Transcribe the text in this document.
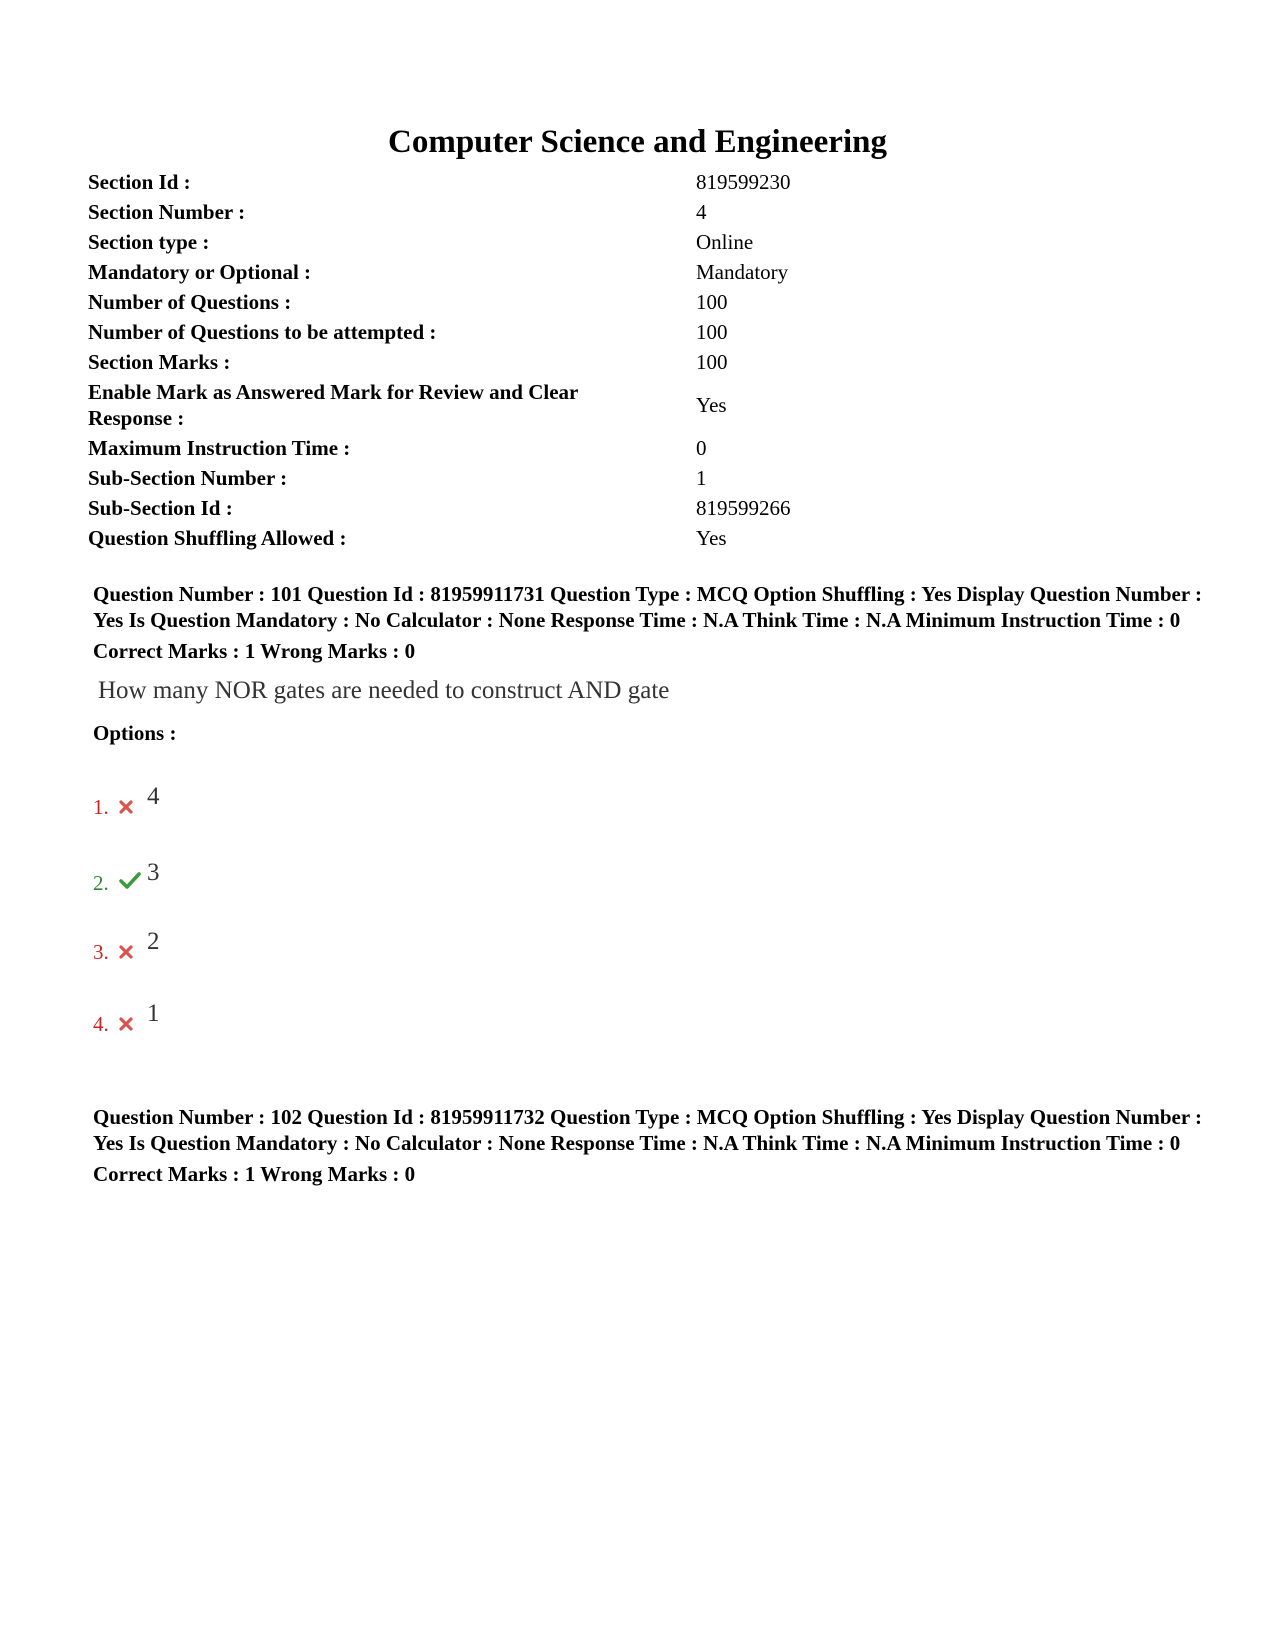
Computer Science and Engineering
Section Id :	819599230
Section Number :	4
Section type :	Online
Mandatory or Optional :	Mandatory
Number of Questions :	100
Number of Questions to be attempted :	100
Section Marks :	100
Enable Mark as Answered Mark for Review and Clear Response :
Yes
Maximum Instruction Time :	0
Sub-Section Number :	1
Sub-Section Id :	819599266
Question Shuffling Allowed :	Yes
Question Number : 101 Question Id : 81959911731 Question Type : MCQ Option Shuffling : Yes Display Question Number : Yes Is Question Mandatory : No Calculator : None Response Time : N.A Think Time : N.A Minimum Instruction Time : 0
Correct Marks : 1 Wrong Marks : 0
How many NOR gates are needed to construct AND gate
Options :
1.	4
2.	3
3.	2
4.	1
Question Number : 102 Question Id : 81959911732 Question Type : MCQ Option Shuffling : Yes Display Question Number : Yes Is Question Mandatory : No Calculator : None Response Time : N.A Think Time : N.A Minimum Instruction Time : 0
Correct Marks : 1 Wrong Marks : 0
